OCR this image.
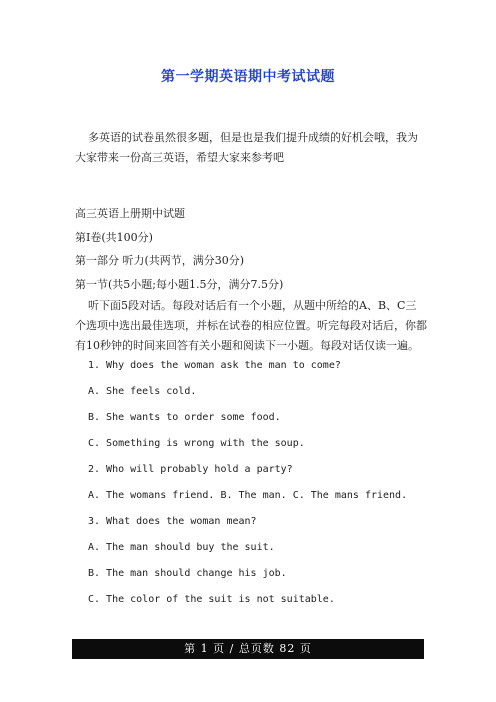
第一学期英语期中考试试题
多英语的试卷虽然很多题，但是也是我们提升成绩的好机会哦，我为大家带来一份高三英语，希望大家来参考吧
高三英语上册期中试题
第Ⅰ卷(共100分)
第一部分 听力(共两节，满分30分)
第一节(共5小题;每小题1.5分，满分7.5分)
听下面5段对话。每段对话后有一个小题，从题中所给的A、B、C三个选项中选出最佳选项，并标在试卷的相应位置。听完每段对话后，你都有10秒钟的时间来回答有关小题和阅读下一小题。每段对话仅读一遍。
1. Why does the woman ask the man to come?
A. She feels cold.
B. She wants to order some food.
C. Something is wrong with the soup.
2. Who will probably hold a party?
A. The womans friend. B. The man. C. The mans friend.
3. What does the woman mean?
A. The man should buy the suit.
B. The man should change his job.
C. The color of the suit is not suitable.
第 1 页 / 总页数 82 页
